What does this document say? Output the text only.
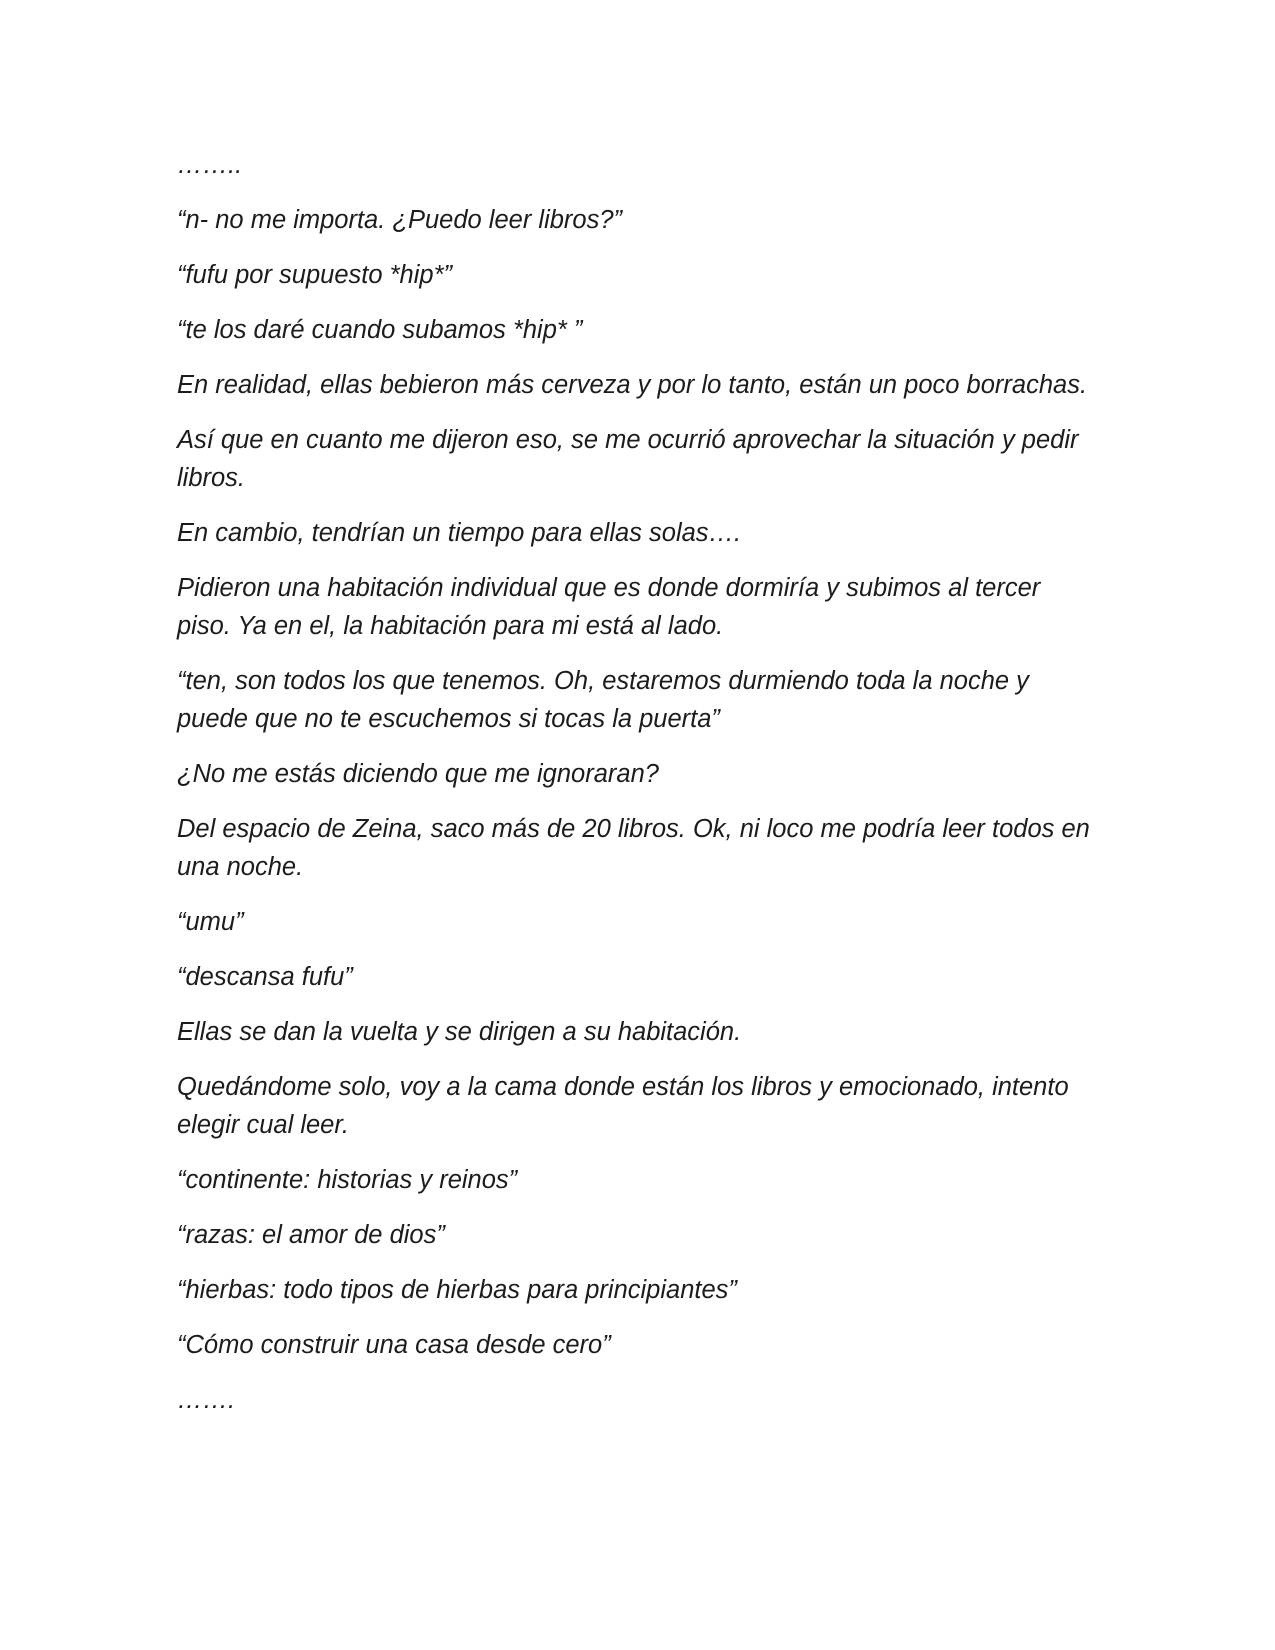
……..

“n- no me importa. ¿Puedo leer libros?”

“fufu por supuesto *hip*”

“te los daré cuando subamos *hip* ”

En realidad, ellas bebieron más cerveza y por lo tanto, están un poco borrachas.

Así que en cuanto me dijeron eso, se me ocurrió aprovechar la situación y pedir libros.

En cambio, tendrían un tiempo para ellas solas….

Pidieron una habitación individual que es donde dormiría y subimos al tercer piso. Ya en el, la habitación para mi está al lado.

“ten, son todos los que tenemos. Oh, estaremos durmiendo toda la noche y puede que no te escuchemos si tocas la puerta”

¿No me estás diciendo que me ignoraran?

Del espacio de Zeina, saco más de 20 libros. Ok, ni loco me podría leer todos en una noche.

“umu”

“descansa fufu”

Ellas se dan la vuelta y se dirigen a su habitación.

Quedándome solo, voy a la cama donde están los libros y emocionado, intento elegir cual leer.

“continente: historias y reinos”

“razas: el amor de dios”

“hierbas: todo tipos de hierbas para principiantes”

“Cómo construir una casa desde cero”

…….
